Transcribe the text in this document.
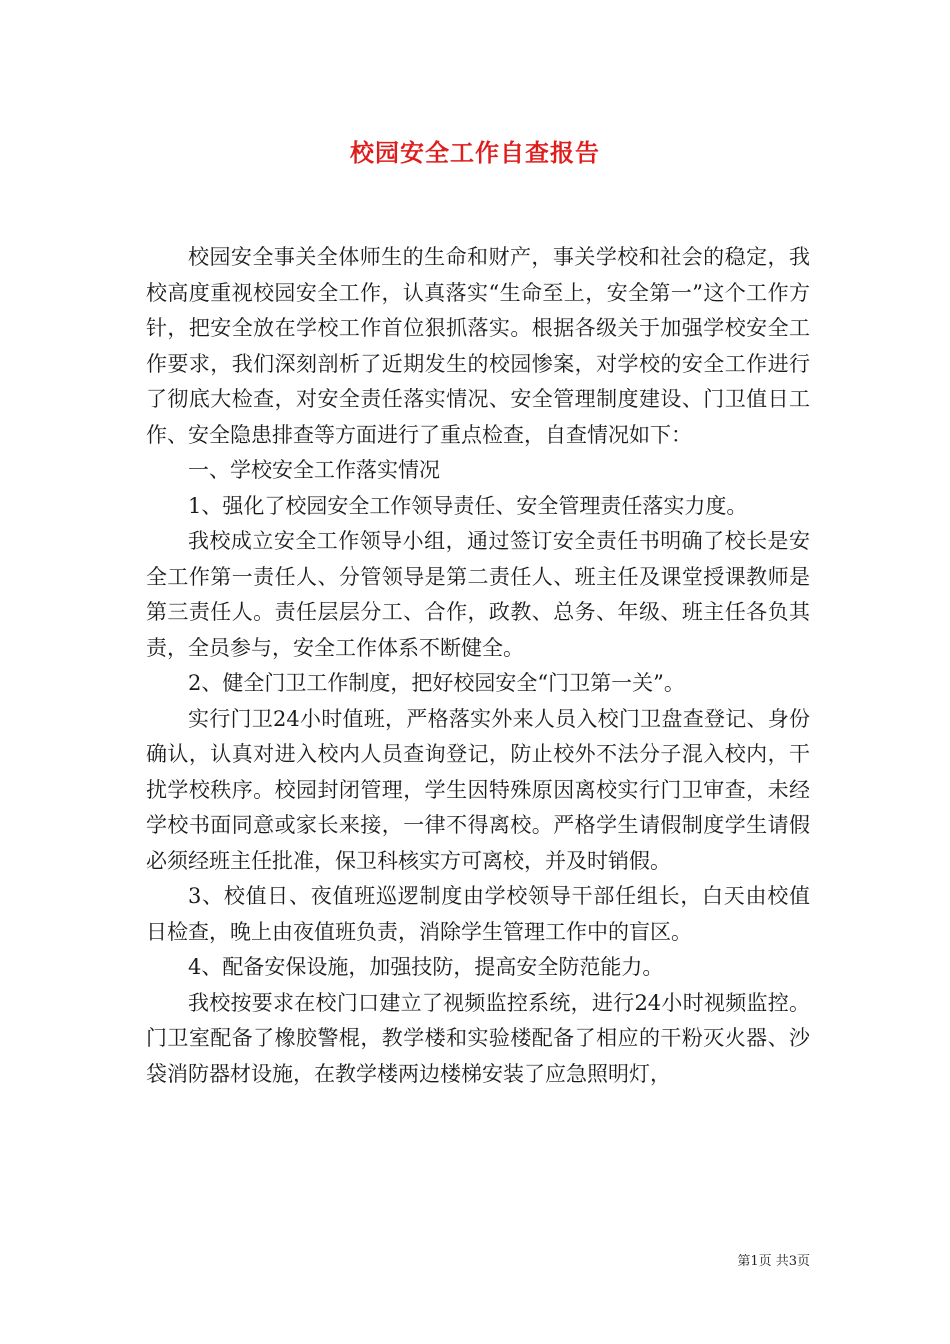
校园安全工作自查报告

校园安全事关全体师生的生命和财产，事关学校和社会的稳定，我校高度重视校园安全工作，认真落实“生命至上，安全第一”这个工作方针，把安全放在学校工作首位狠抓落实。根据各级关于加强学校安全工作要求，我们深刻剖析了近期发生的校园惨案，对学校的安全工作进行了彻底大检查，对安全责任落实情况、安全管理制度建设、门卫值日工作、安全隐患排查等方面进行了重点检查，自查情况如下：

一、学校安全工作落实情况

1、强化了校园安全工作领导责任、安全管理责任落实力度。

我校成立安全工作领导小组，通过签订安全责任书明确了校长是安全工作第一责任人、分管领导是第二责任人、班主任及课堂授课教师是第三责任人。责任层层分工、合作，政教、总务、年级、班主任各负其责，全员参与，安全工作体系不断健全。

2、健全门卫工作制度，把好校园安全“门卫第一关”。

实行门卫24小时值班，严格落实外来人员入校门卫盘查登记、身份确认，认真对进入校内人员查询登记，防止校外不法分子混入校内，干扰学校秩序。校园封闭管理，学生因特殊原因离校实行门卫审查，未经学校书面同意或家长来接，一律不得离校。严格学生请假制度学生请假必须经班主任批准，保卫科核实方可离校，并及时销假。

3、校值日、夜值班巡逻制度由学校领导干部任组长，白天由校值日检查，晚上由夜值班负责，消除学生管理工作中的盲区。

4、配备安保设施，加强技防，提高安全防范能力。

我校按要求在校门口建立了视频监控系统，进行24小时视频监控。门卫室配备了橡胶警棍，教学楼和实验楼配备了相应的干粉灭火器、沙袋消防器材设施，在教学楼两边楼梯安装了应急照明灯，

第1页 共3页
